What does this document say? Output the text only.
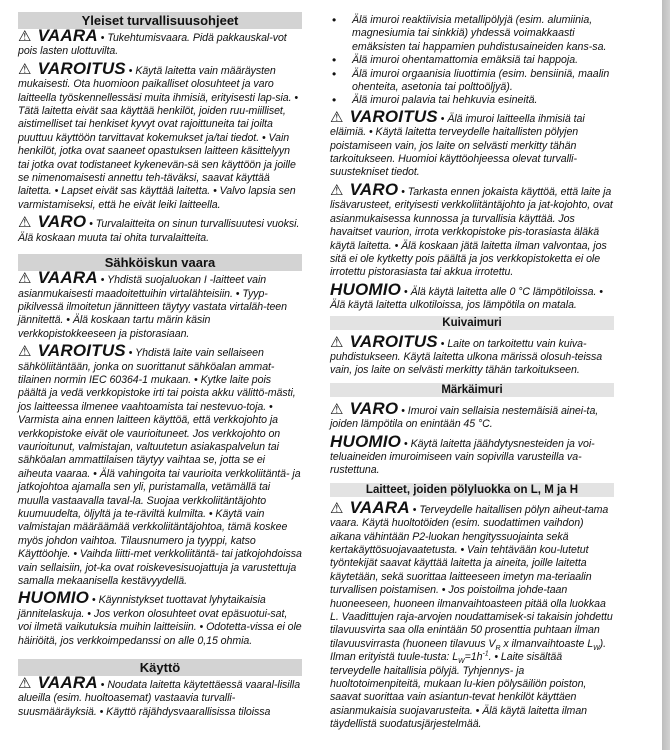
Yleiset turvallisuusohjeet

⚠ VAARA • Tukehtumisvaara. Pidä pakkauskal-vot pois lasten ulottuvilta.

⚠ VAROITUS • Käytä laitetta vain määräysten mukaisesti. Ota huomioon paikalliset olosuhteet ja varo laitteella työskennellessäsi muita ihmisiä, erityisesti lap-sia. • Tätä laitetta eivät saa käyttää henkilöt, joiden ruu-miilliset, aistimelliset tai henkiset kyvyt ovat rajoittuneita tai joilta puuttuu käyttöön tarvittavat kokemukset ja/tai tiedot. • Vain henkilöt, jotka ovat saaneet opastuksen laitteen käsittelyyn tai jotka ovat todistaneet kykenevän-sä sen käyttöön ja joille se nimenomaisesti annettu teh-täväksi, saavat käyttää laitetta. • Lapset eivät sas käyttää laitetta. • Valvo lapsia sen varmistamiseksi, että he eivät leiki laitteella.

⚠ VARO • Turvalaitteita on sinun turvallisuutesi vuoksi. Älä koskaan muuta tai ohita turvalaitteita.

Sähköiskun vaara

⚠ VAARA • Yhdistä suojaluokan I -laitteet vain asianmukaisesti maadoitettuihin virtalähteisiin. • Tyyp-pikilvessä ilmoitetun jännitteen täytyy vastata virtaläh-teen jännitettä. • Älä koskaan tartu märin käsin verkkopistokkeeseen ja pistorasiaan.

⚠ VAROITUS • Yhdistä laite vain sellaiseen sähköliitäntään, jonka on suorittanut sähköalan ammat-tilainen normin IEC 60364-1 mukaan. • Kytke laite pois päältä ja vedä verkkopistoke irti tai poista akku välittö-mästi, jos laitteessa ilmenee vaahtoamista tai nestevuo-toja. • Varmista aina ennen laitteen käyttöä, että verkkojohto ja verkkopistoke eivät ole vaurioituneet. Jos verkkojohto on vaurioitunut, valmistajan, valtuutetun asiakaspalvelun tai sähköalan ammattilaisen täytyy vaihtaa se, jotta se ei aiheuta vaaraa. • Älä vahingoita tai vaurioita verkkoliitäntä- ja jatkojohtoa ajamalla sen yli, puristamalla, vetämällä tai muulla vastaavalla taval-la. Suojaa verkkoliitäntäjohto kuumuudelta, öljyltä ja te-räviltä kulmilta. • Käytä vain valmistajan määräämää verkkoliitäntäjohtoa, tämä koskee myös johdon vaihtoa. Tilausnumero ja tyyppi, katso Käyttöohje. • Vaihda liitti-met verkkoliitäntä- tai jatkojohdoissa vain sellaisiin, jot-ka ovat roiskevesisuojattuja ja varustettuja samalla mekaanisella kestävyydellä.

HUOMIO • Käynnistykset tuottavat lyhytaikaisia jännitelaskuja. • Jos verkon olosuhteet ovat epäsuotui-sat, voi ilmetä vaikutuksia muihin laitteisiin. • Odotetta-vissa ei ole häiriöitä, jos verkkoimpedanssi on alle 0,15 ohmia.

Käyttö

⚠ VAARA • Noudata laitetta käytettäessä vaaral-lisilla alueilla (esim. huoltoasemat) vastaavia turvalli-suusmääräyksiä. • Käyttö räjähdysvaarallisissa tiloissa

• Älä imuroi reaktiivisia metallipölyjä (esim. alumiinia, magnesiumia tai sinkkiä) yhdessä voimakkaasti emäksisten tai happamien puhdistusaineiden kans-sa.
• Älä imuroi ohentamattomia emäksiä tai happoja.
• Älä imuroi orgaanisia liuottimia (esim. bensiiniä, maalin ohenteita, asetonia tai polttoöljyä).
• Älä imuroi palavia tai hehkuvia esineitä.

⚠ VAROITUS • Älä imuroi laitteella ihmisiä tai eläimiä. • Käytä laitetta terveydelle haitallisten pölyjen poistamiseen vain, jos laite on selvästi merkitty tähän tarkoitukseen. Huomioi käyttöohjeessa olevat turvalli-suustekniset tiedot.

⚠ VARO • Tarkasta ennen jokaista käyttöä, että laite ja lisävarusteet, erityisesti verkkoliitäntäjohto ja jat-kojohto, ovat asianmukaisessa kunnossa ja turvallisia käyttää. Jos havaitset vaurion, irrota verkkopistoke pis-torasiasta äläkä käytä laitetta. • Älä koskaan jätä laitetta ilman valvontaa, jos sitä ei ole kytketty pois päältä ja jos verkkopistoketta ei ole irrotettu pistorasiasta tai akkua irrotettu.

HUOMIO • Älä käytä laitetta alle 0 °C lämpötiloissa. • Älä käytä laitetta ulkotiloissa, jos lämpötila on matala.

Kuivaimuri

⚠ VAROITUS • Laite on tarkoitettu vain kuiva-puhdistukseen. Käytä laitetta ulkona märissä olosuh-teissa vain, jos laite on selvästi merkitty tähän tarkoitukseen.

Märkäimuri

⚠ VARO • Imuroi vain sellaisia nestemäisiä ainei-ta, joiden lämpötila on enintään 45 °C.

HUOMIO • Käytä laitetta jäähdytysnesteiden ja voi-teluaineiden imuroimiseen vain sopivilla varusteilla va-rustettuna.

Laitteet, joiden pölyluokka on L, M ja H

⚠ VAARA • Terveydelle haitallisen pölyn aiheut-tama vaara. Käytä huoltotöiden (esim. suodattimen vaihdon) aikana vähintään P2-luokan hengityssuojainta sekä kertakäyttösuojavaatetusta. • Vain tehtävään kou-lutetut työntekijät saavat käyttää laitetta ja aineita, joille laitetta käytetään, sekä suorittaa laitteeseen imetyn ma-teriaalin turvallisen poistamisen. • Jos poistoilma johde-taan huoneeseen, huoneen ilmanvaihtoasteen pitää olla luokkaa L. Vaadittujen raja-arvojen noudattamisek-si takaisin johdettu tilavuusvirta saa olla enintään 50 prosenttia puhtaan ilman tilavuusvirrasta (huoneen tilavuus $V_R$ x ilmanvaihtoaste $L_W$). Ilman erityistä tuule-tusta: $L_W=1h^{-1}$. • Laite sisältää terveydelle haitallisia pölyjä. Tyhjennys- ja huoltotoimenpiteitä, mukaan lu-kien pölysäiliön poiston, saavat suorittaa vain asiantun-tevat henkilöt käyttäen asianmukaisia suojavarusteita. • Älä käytä laitetta ilman täydellistä suodatusjärjestelmää.
